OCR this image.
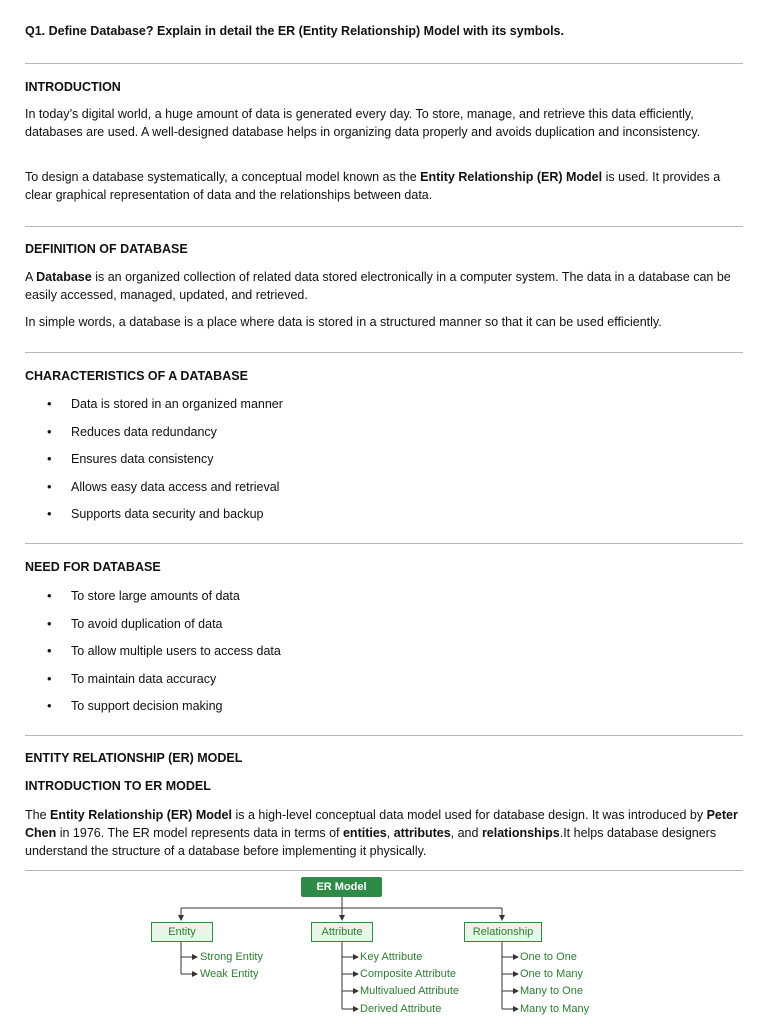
Q1. Define Database? Explain in detail the ER (Entity Relationship) Model with its symbols.
INTRODUCTION
In today’s digital world, a huge amount of data is generated every day. To store, manage, and retrieve this data efficiently, databases are used. A well-designed database helps in organizing data properly and avoids duplication and inconsistency.
To design a database systematically, a conceptual model known as the Entity Relationship (ER) Model is used. It provides a clear graphical representation of data and the relationships between data.
DEFINITION OF DATABASE
A Database is an organized collection of related data stored electronically in a computer system. The data in a database can be easily accessed, managed, updated, and retrieved.
In simple words, a database is a place where data is stored in a structured manner so that it can be used efficiently.
CHARACTERISTICS OF A DATABASE
• Data is stored in an organized manner
• Reduces data redundancy
• Ensures data consistency
• Allows easy data access and retrieval
• Supports data security and backup
NEED FOR DATABASE
• To store large amounts of data
• To avoid duplication of data
• To allow multiple users to access data
• To maintain data accuracy
• To support decision making
ENTITY RELATIONSHIP (ER) MODEL
INTRODUCTION TO ER MODEL
The Entity Relationship (ER) Model is a high-level conceptual data model used for database design. It was introduced by Peter Chen in 1976. The ER model represents data in terms of entities, attributes, and relationships.It helps database designers understand the structure of a database before implementing it physically.
ER Model
Entity	Attribute	Relationship
Strong Entity
Weak Entity
Key Attribute
Composite Attribute
Multivalued Attribute
Derived Attribute
One to One
One to Many
Many to One
Many to Many
